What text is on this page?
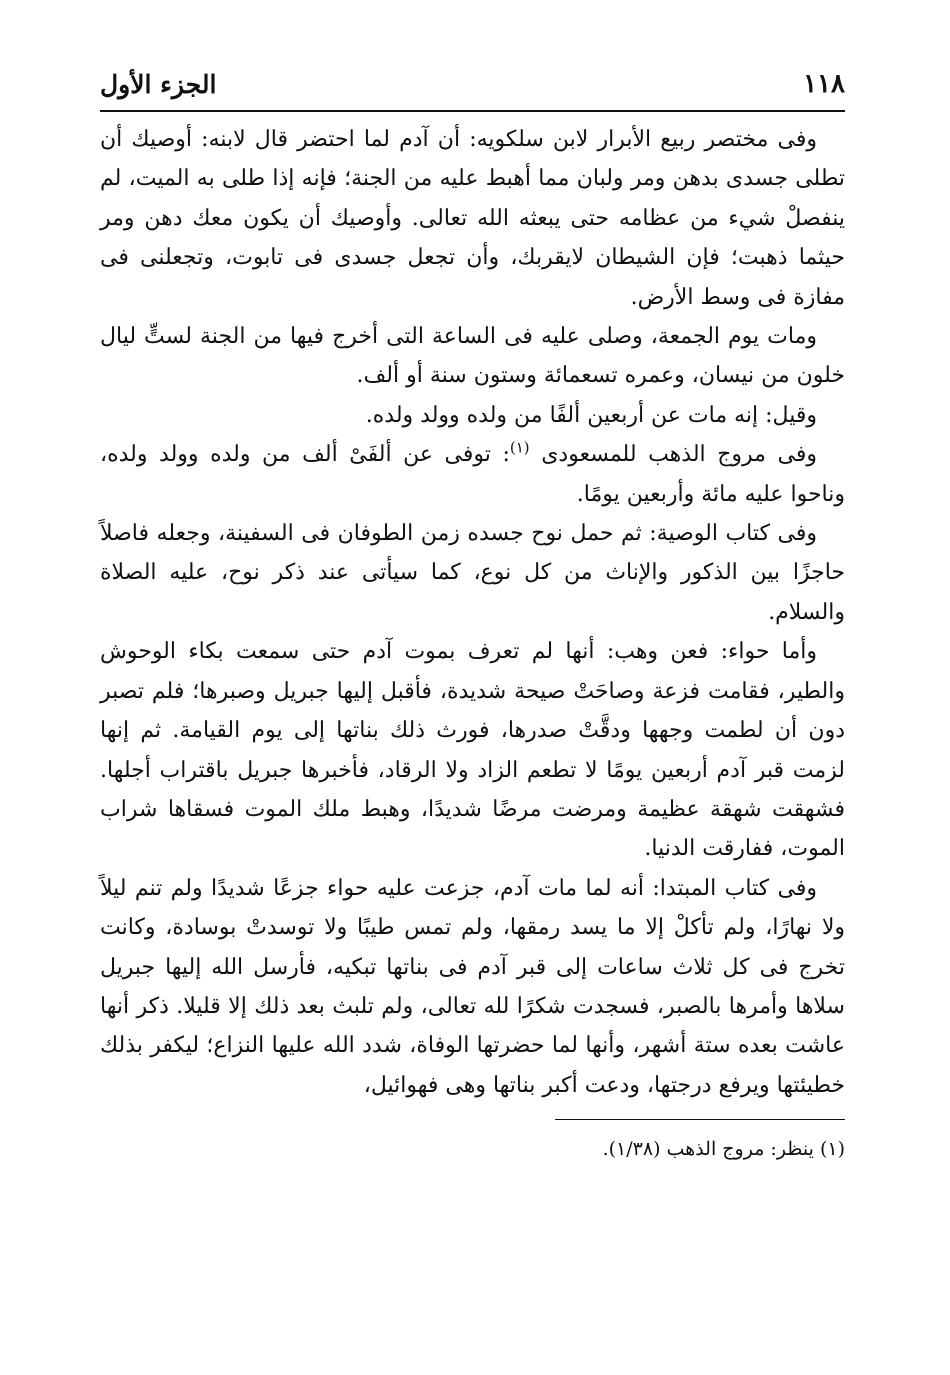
١١٨
الجزء الأول

وفى مختصر ربيع الأبرار لابن سلكويه: أن آدم لما احتضر قال لابنه: أوصيك أن تطلى جسدى بدهن ومر ولبان مما أهبط عليه من الجنة؛ فإنه إذا طلى به الميت، لم ينفصلْ شيء من عظامه حتى يبعثه الله تعالى. وأوصيك أن يكون معك دهن ومر حيثما ذهبت؛ فإن الشيطان لايقربك، وأن تجعل جسدى فى تابوت، وتجعلنى فى مفازة فى وسط الأرض.

ومات يوم الجمعة، وصلى عليه فى الساعة التى أخرج فيها من الجنة لستٍّ ليال خلون من نيسان، وعمره تسعمائة وستون سنة أو ألف.

وقيل: إنه مات عن أربعين ألفًا من ولده وولد ولده.

وفى مروج الذهب للمسعودى $^{(١)}$: توفى عن ألفَىْ ألف من ولده وولد ولده، وناحوا عليه مائة وأربعين يومًا.

وفى كتاب الوصية: ثم حمل نوح جسده زمن الطوفان فى السفينة، وجعله فاصلاً حاجزًا بين الذكور والإناث من كل نوع، كما سيأتى عند ذكر نوح، عليه الصلاة والسلام.

وأما حواء: فعن وهب: أنها لم تعرف بموت آدم حتى سمعت بكاء الوحوش والطير، فقامت فزعة وصاحَتْ صيحة شديدة، فأقبل إليها جبريل وصبرها؛ فلم تصبر دون أن لطمت وجهها ودقَّتْ صدرها، فورث ذلك بناتها إلى يوم القيامة. ثم إنها لزمت قبر آدم أربعين يومًا لا تطعم الزاد ولا الرقاد، فأخبرها جبريل باقتراب أجلها. فشهقت شهقة عظيمة ومرضت مرضًا شديدًا، وهبط ملك الموت فسقاها شراب الموت، ففارقت الدنيا.

وفى كتاب المبتدا: أنه لما مات آدم، جزعت عليه حواء جزعًا شديدًا ولم تنم ليلاً ولا نهارًا، ولم تأكلْ إلا ما يسد رمقها، ولم تمس طيبًا ولا توسدتْ بوسادة، وكانت تخرج فى كل ثلاث ساعات إلى قبر آدم فى بناتها تبكيه، فأرسل الله إليها جبريل سلاها وأمرها بالصبر، فسجدت شكرًا لله تعالى، ولم تلبث بعد ذلك إلا قليلا. ذكر أنها عاشت بعده ستة أشهر، وأنها لما حضرتها الوفاة، شدد الله عليها النزاع؛ ليكفر بذلك خطيئتها ويرفع درجتها، ودعت أكبر بناتها وهى فهوائيل،

(١) ينظر: مروج الذهب (١/٣٨).
